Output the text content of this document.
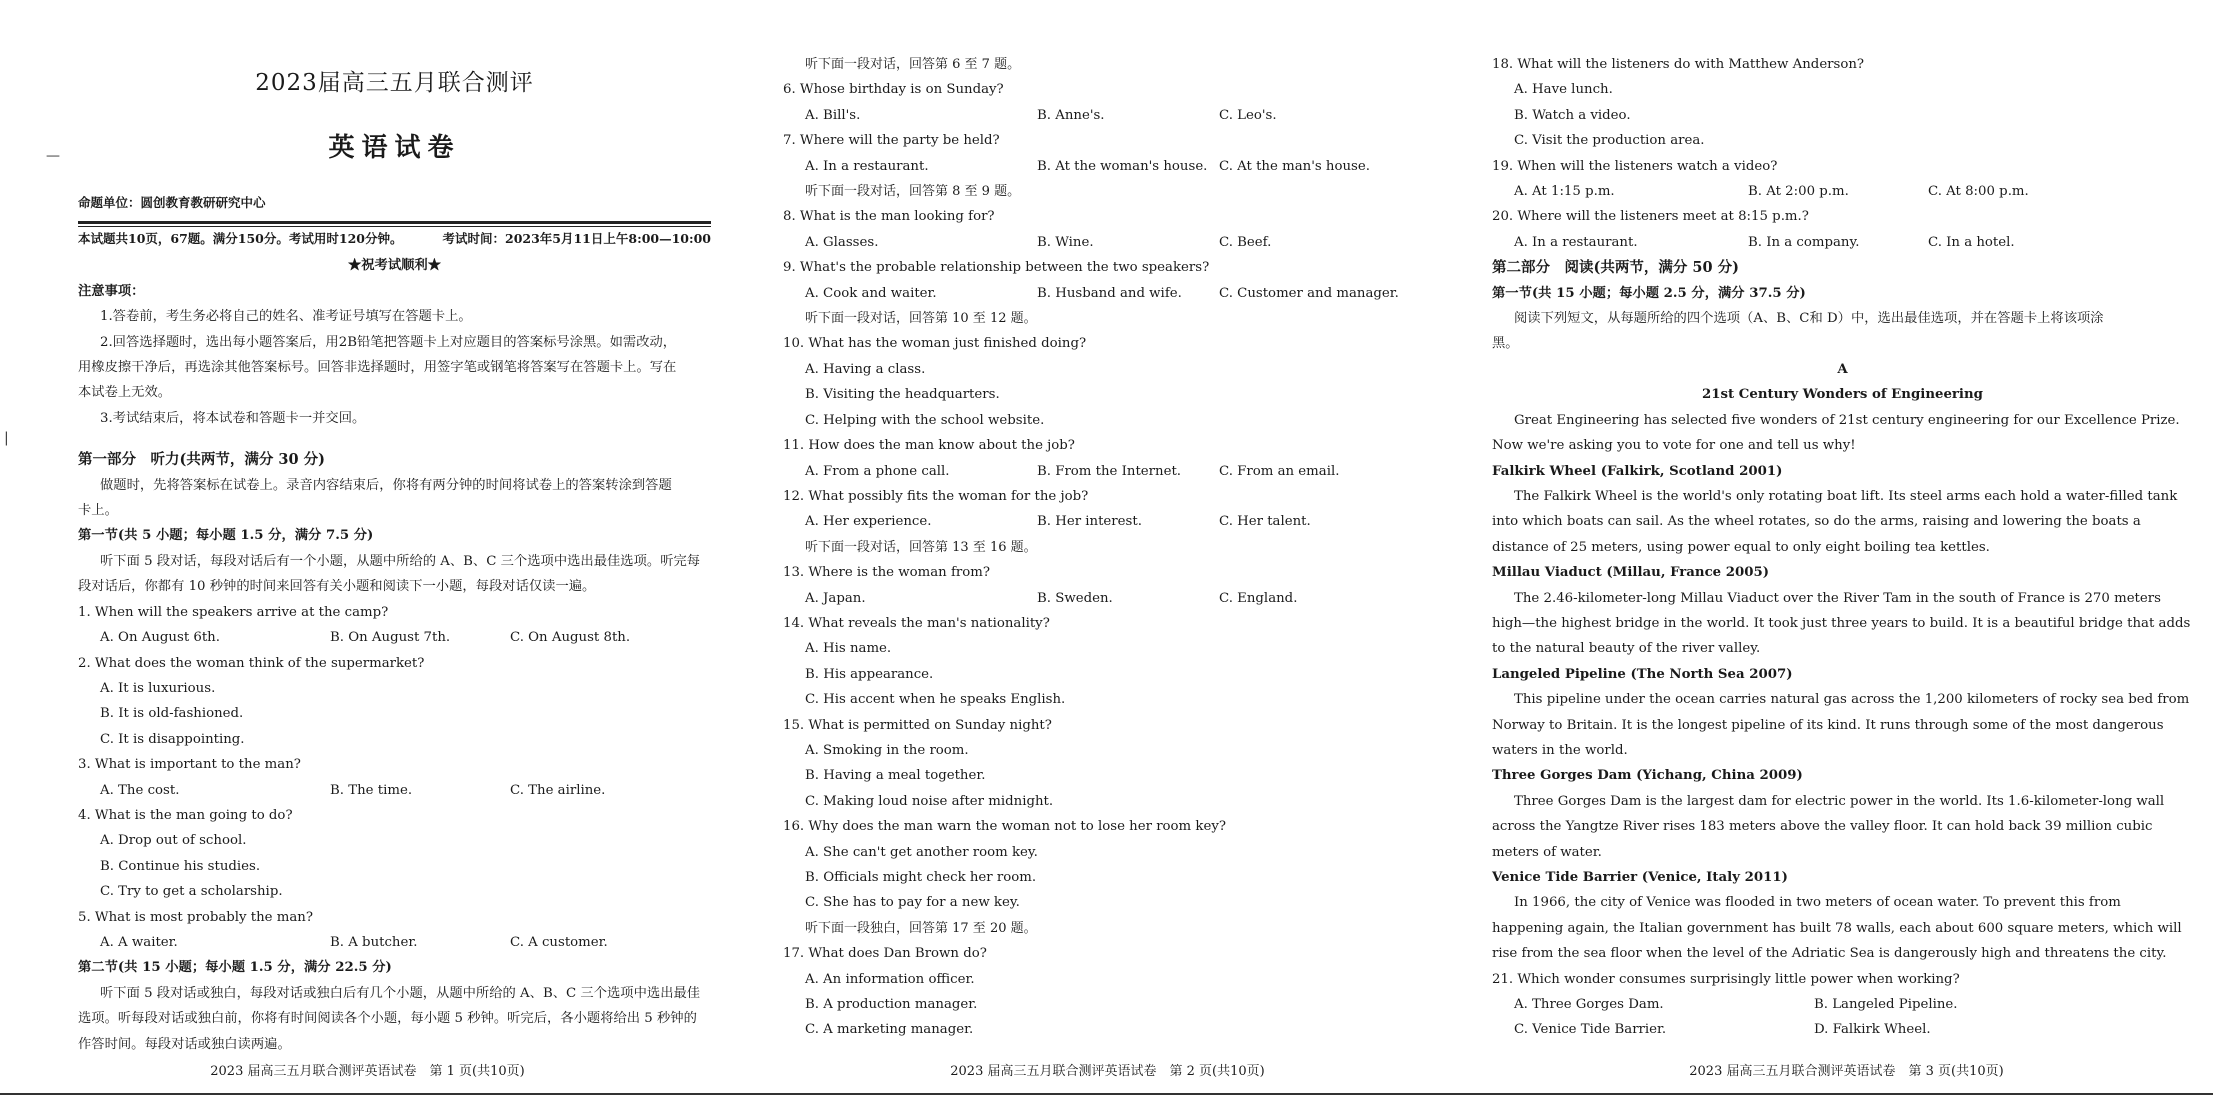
2023届高三五月联合测评
英语试卷
命题单位：圆创教育教研研究中心
本试题共10页，67题。满分150分。考试用时120分钟。	考试时间：2023年5月11日上午8:00—10:00
★祝考试顺利★
注意事项：
1.答卷前，考生务必将自己的姓名、准考证号填写在答题卡上。
2.回答选择题时，选出每小题答案后，用2B铅笔把答题卡上对应题目的答案标号涂黑。如需改动，
用橡皮擦干净后，再选涂其他答案标号。回答非选择题时，用签字笔或钢笔将答案写在答题卡上。写在
本试卷上无效。
3.考试结束后，将本试卷和答题卡一并交回。
第一部分　听力(共两节，满分 30 分)
做题时，先将答案标在试卷上。录音内容结束后，你将有两分钟的时间将试卷上的答案转涂到答题
卡上。
第一节(共 5 小题；每小题 1.5 分，满分 7.5 分)
听下面 5 段对话，每段对话后有一个小题，从题中所给的 A、B、C 三个选项中选出最佳选项。听完每
段对话后，你都有 10 秒钟的时间来回答有关小题和阅读下一小题，每段对话仅读一遍。
1. When will the speakers arrive at the camp?
A. On August 6th.	B. On August 7th.	C. On August 8th.
2. What does the woman think of the supermarket?
A. It is luxurious.
B. It is old-fashioned.
C. It is disappointing.
3. What is important to the man?
A. The cost.	B. The time.	C. The airline.
4. What is the man going to do?
A. Drop out of school.
B. Continue his studies.
C. Try to get a scholarship.
5. What is most probably the man?
A. A waiter.	B. A butcher.	C. A customer.
第二节(共 15 小题；每小题 1.5 分，满分 22.5 分)
听下面 5 段对话或独白，每段对话或独白后有几个小题，从题中所给的 A、B、C 三个选项中选出最佳
选项。听每段对话或独白前，你将有时间阅读各个小题，每小题 5 秒钟。听完后，各小题将给出 5 秒钟的
作答时间。每段对话或独白读两遍。
2023 届高三五月联合测评英语试卷　第 1 页(共10页)
听下面一段对话，回答第 6 至 7 题。
6. Whose birthday is on Sunday?
A. Bill's.	B. Anne's.	C. Leo's.
7. Where will the party be held?
A. In a restaurant.	B. At the woman's house. C. At the man's house.
听下面一段对话，回答第 8 至 9 题。
8. What is the man looking for?
A. Glasses.	B. Wine.	C. Beef.
9. What's the probable relationship between the two speakers?
A. Cook and waiter.	B. Husband and wife.	C. Customer and manager.
听下面一段对话，回答第 10 至 12 题。
10. What has the woman just finished doing?
A. Having a class.
B. Visiting the headquarters.
C. Helping with the school website.
11. How does the man know about the job?
A. From a phone call.	B. From the Internet.	C. From an email.
12. What possibly fits the woman for the job?
A. Her experience.	B. Her interest.	C. Her talent.
听下面一段对话，回答第 13 至 16 题。
13. Where is the woman from?
A. Japan.	B. Sweden.	C. England.
14. What reveals the man's nationality?
A. His name.
B. His appearance.
C. His accent when he speaks English.
15. What is permitted on Sunday night?
A. Smoking in the room.
B. Having a meal together.
C. Making loud noise after midnight.
16. Why does the man warn the woman not to lose her room key?
A. She can't get another room key.
B. Officials might check her room.
C. She has to pay for a new key.
听下面一段独白，回答第 17 至 20 题。
17. What does Dan Brown do?
A. An information officer.
B. A production manager.
C. A marketing manager.
2023 届高三五月联合测评英语试卷　第 2 页(共10页)
18. What will the listeners do with Matthew Anderson?
A. Have lunch.
B. Watch a video.
C. Visit the production area.
19. When will the listeners watch a video?
A. At 1:15 p.m.	B. At 2:00 p.m.	C. At 8:00 p.m.
20. Where will the listeners meet at 8:15 p.m.?
A. In a restaurant.	B. In a company.	C. In a hotel.
第二部分　阅读(共两节，满分 50 分)
第一节(共 15 小题；每小题 2.5 分，满分 37.5 分)
阅读下列短文，从每题所给的四个选项（A、B、C和 D）中，选出最佳选项，并在答题卡上将该项涂
黑。
A
21st Century Wonders of Engineering
Great Engineering has selected five wonders of 21st century engineering for our Excellence Prize.
Now we're asking you to vote for one and tell us why!
Falkirk Wheel (Falkirk, Scotland 2001)
The Falkirk Wheel is the world's only rotating boat lift. Its steel arms each hold a water-filled tank
into which boats can sail. As the wheel rotates, so do the arms, raising and lowering the boats a
distance of 25 meters, using power equal to only eight boiling tea kettles.
Millau Viaduct (Millau, France 2005)
The 2.46-kilometer-long Millau Viaduct over the River Tam in the south of France is 270 meters
high—the highest bridge in the world. It took just three years to build. It is a beautiful bridge that adds
to the natural beauty of the river valley.
Langeled Pipeline (The North Sea 2007)
This pipeline under the ocean carries natural gas across the 1,200 kilometers of rocky sea bed from
Norway to Britain. It is the longest pipeline of its kind. It runs through some of the most dangerous
waters in the world.
Three Gorges Dam (Yichang, China 2009)
Three Gorges Dam is the largest dam for electric power in the world. Its 1.6-kilometer-long wall
across the Yangtze River rises 183 meters above the valley floor. It can hold back 39 million cubic
meters of water.
Venice Tide Barrier (Venice, Italy 2011)
In 1966, the city of Venice was flooded in two meters of ocean water. To prevent this from
happening again, the Italian government has built 78 walls, each about 600 square meters, which will
rise from the sea floor when the level of the Adriatic Sea is dangerously high and threatens the city.
21. Which wonder consumes surprisingly little power when working?
A. Three Gorges Dam.	B. Langeled Pipeline.
C. Venice Tide Barrier.	D. Falkirk Wheel.
2023 届高三五月联合测评英语试卷　第 3 页(共10页)
—
|
